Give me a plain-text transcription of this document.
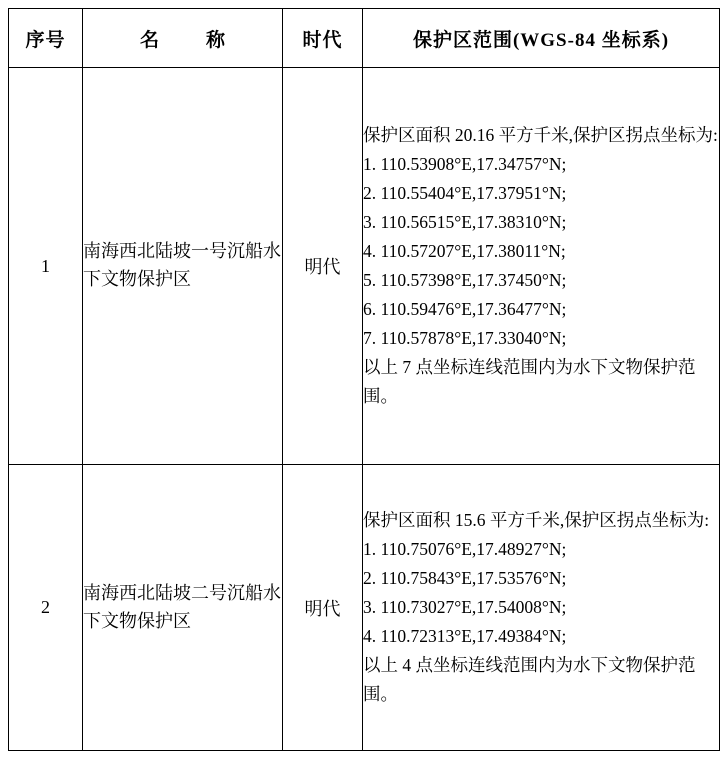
序号	名　称	时代	保护区范围(WGS-84 坐标系)
1	南海西北陆坡一号沉船水下文物保护区	明代	
保护区面积 20.16 平方千米,保护区拐点坐标为:
1. 110.53908°E,17.34757°N;
2. 110.55404°E,17.37951°N;
3. 110.56515°E,17.38310°N;
4. 110.57207°E,17.38011°N;
5. 110.57398°E,17.37450°N;
6. 110.59476°E,17.36477°N;
7. 110.57878°E,17.33040°N;
以上 7 点坐标连线范围内为水下文物保护范围。

2	南海西北陆坡二号沉船水下文物保护区	明代	
保护区面积 15.6 平方千米,保护区拐点坐标为:
1. 110.75076°E,17.48927°N;
2. 110.75843°E,17.53576°N;
3. 110.73027°E,17.54008°N;
4. 110.72313°E,17.49384°N;
以上 4 点坐标连线范围内为水下文物保护范围。
